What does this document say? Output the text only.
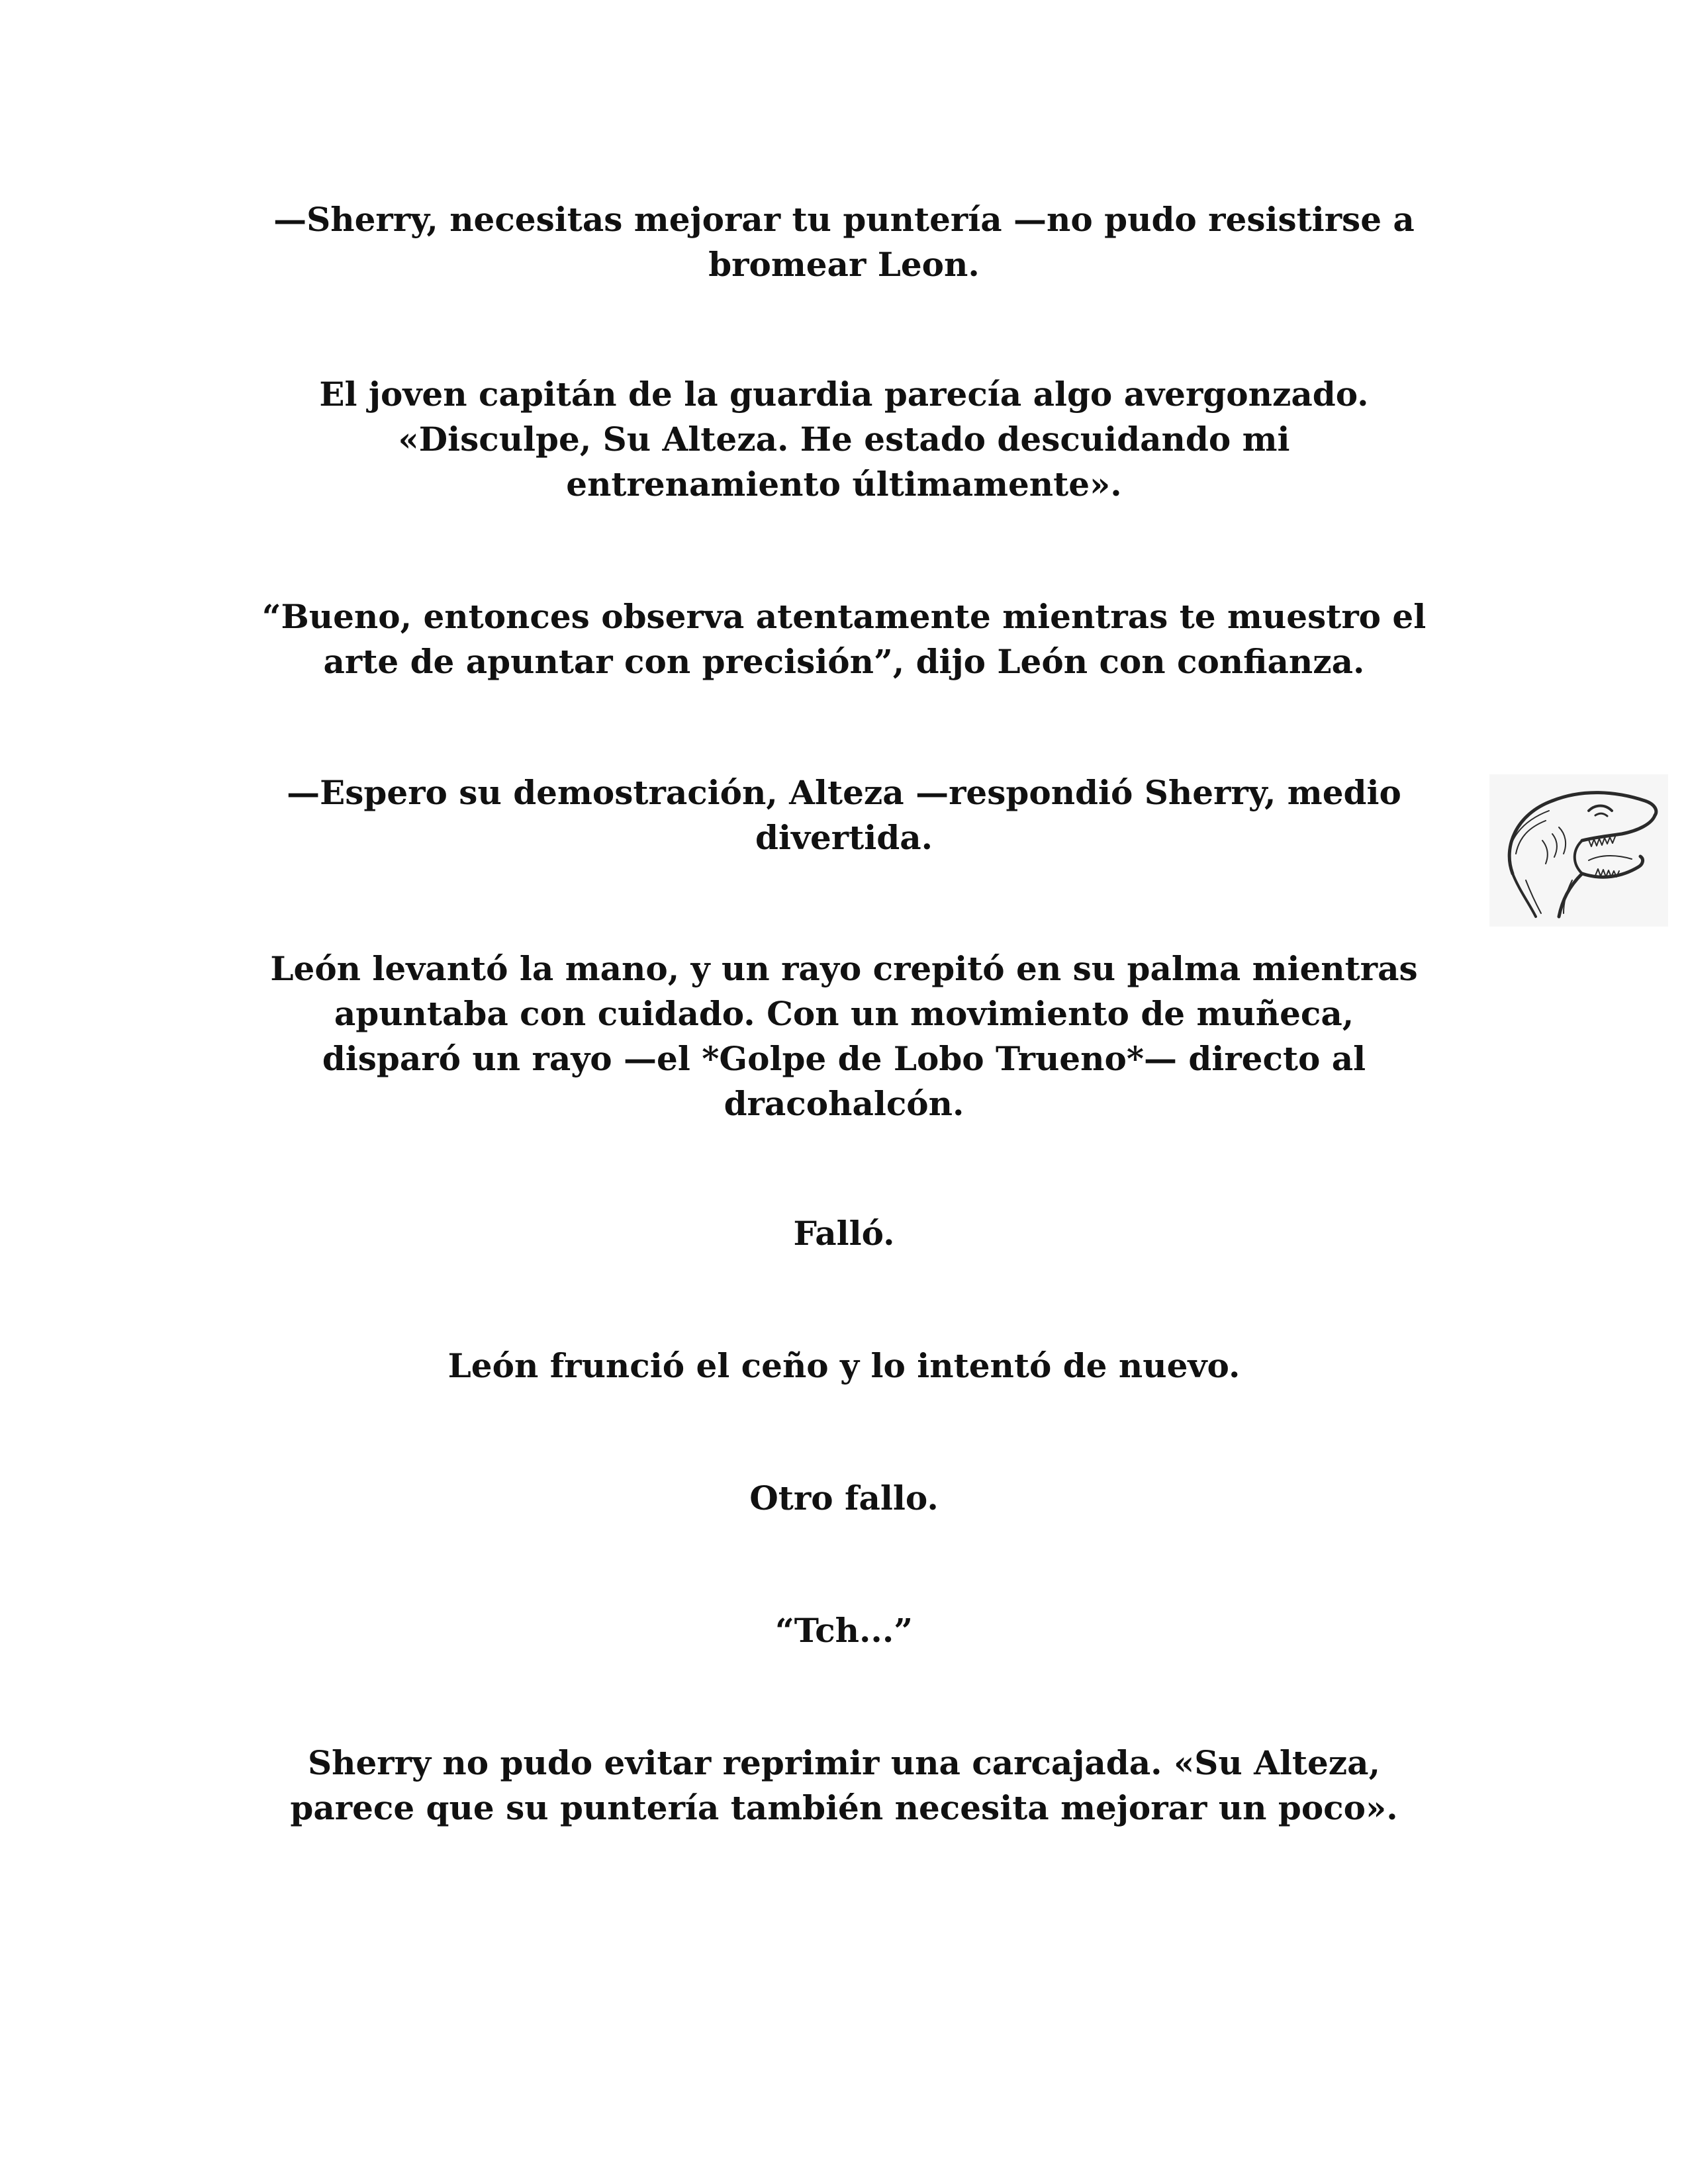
—Sherry, necesitas mejorar tu puntería —no pudo resistirse a
bromear Leon.

El joven capitán de la guardia parecía algo avergonzado.
«Disculpe, Su Alteza. He estado descuidando mi
entrenamiento últimamente».

“Bueno, entonces observa atentamente mientras te muestro el
arte de apuntar con precisión”, dijo León con confianza.

—Espero su demostración, Alteza —respondió Sherry, medio
divertida.

León levantó la mano, y un rayo crepitó en su palma mientras
apuntaba con cuidado. Con un movimiento de muñeca,
disparó un rayo —el *Golpe de Lobo Trueno*— directo al
dracohalcón.

Falló.

León frunció el ceño y lo intentó de nuevo.

Otro fallo.

“Tch...”

Sherry no pudo evitar reprimir una carcajada. «Su Alteza,
parece que su puntería también necesita mejorar un poco».
